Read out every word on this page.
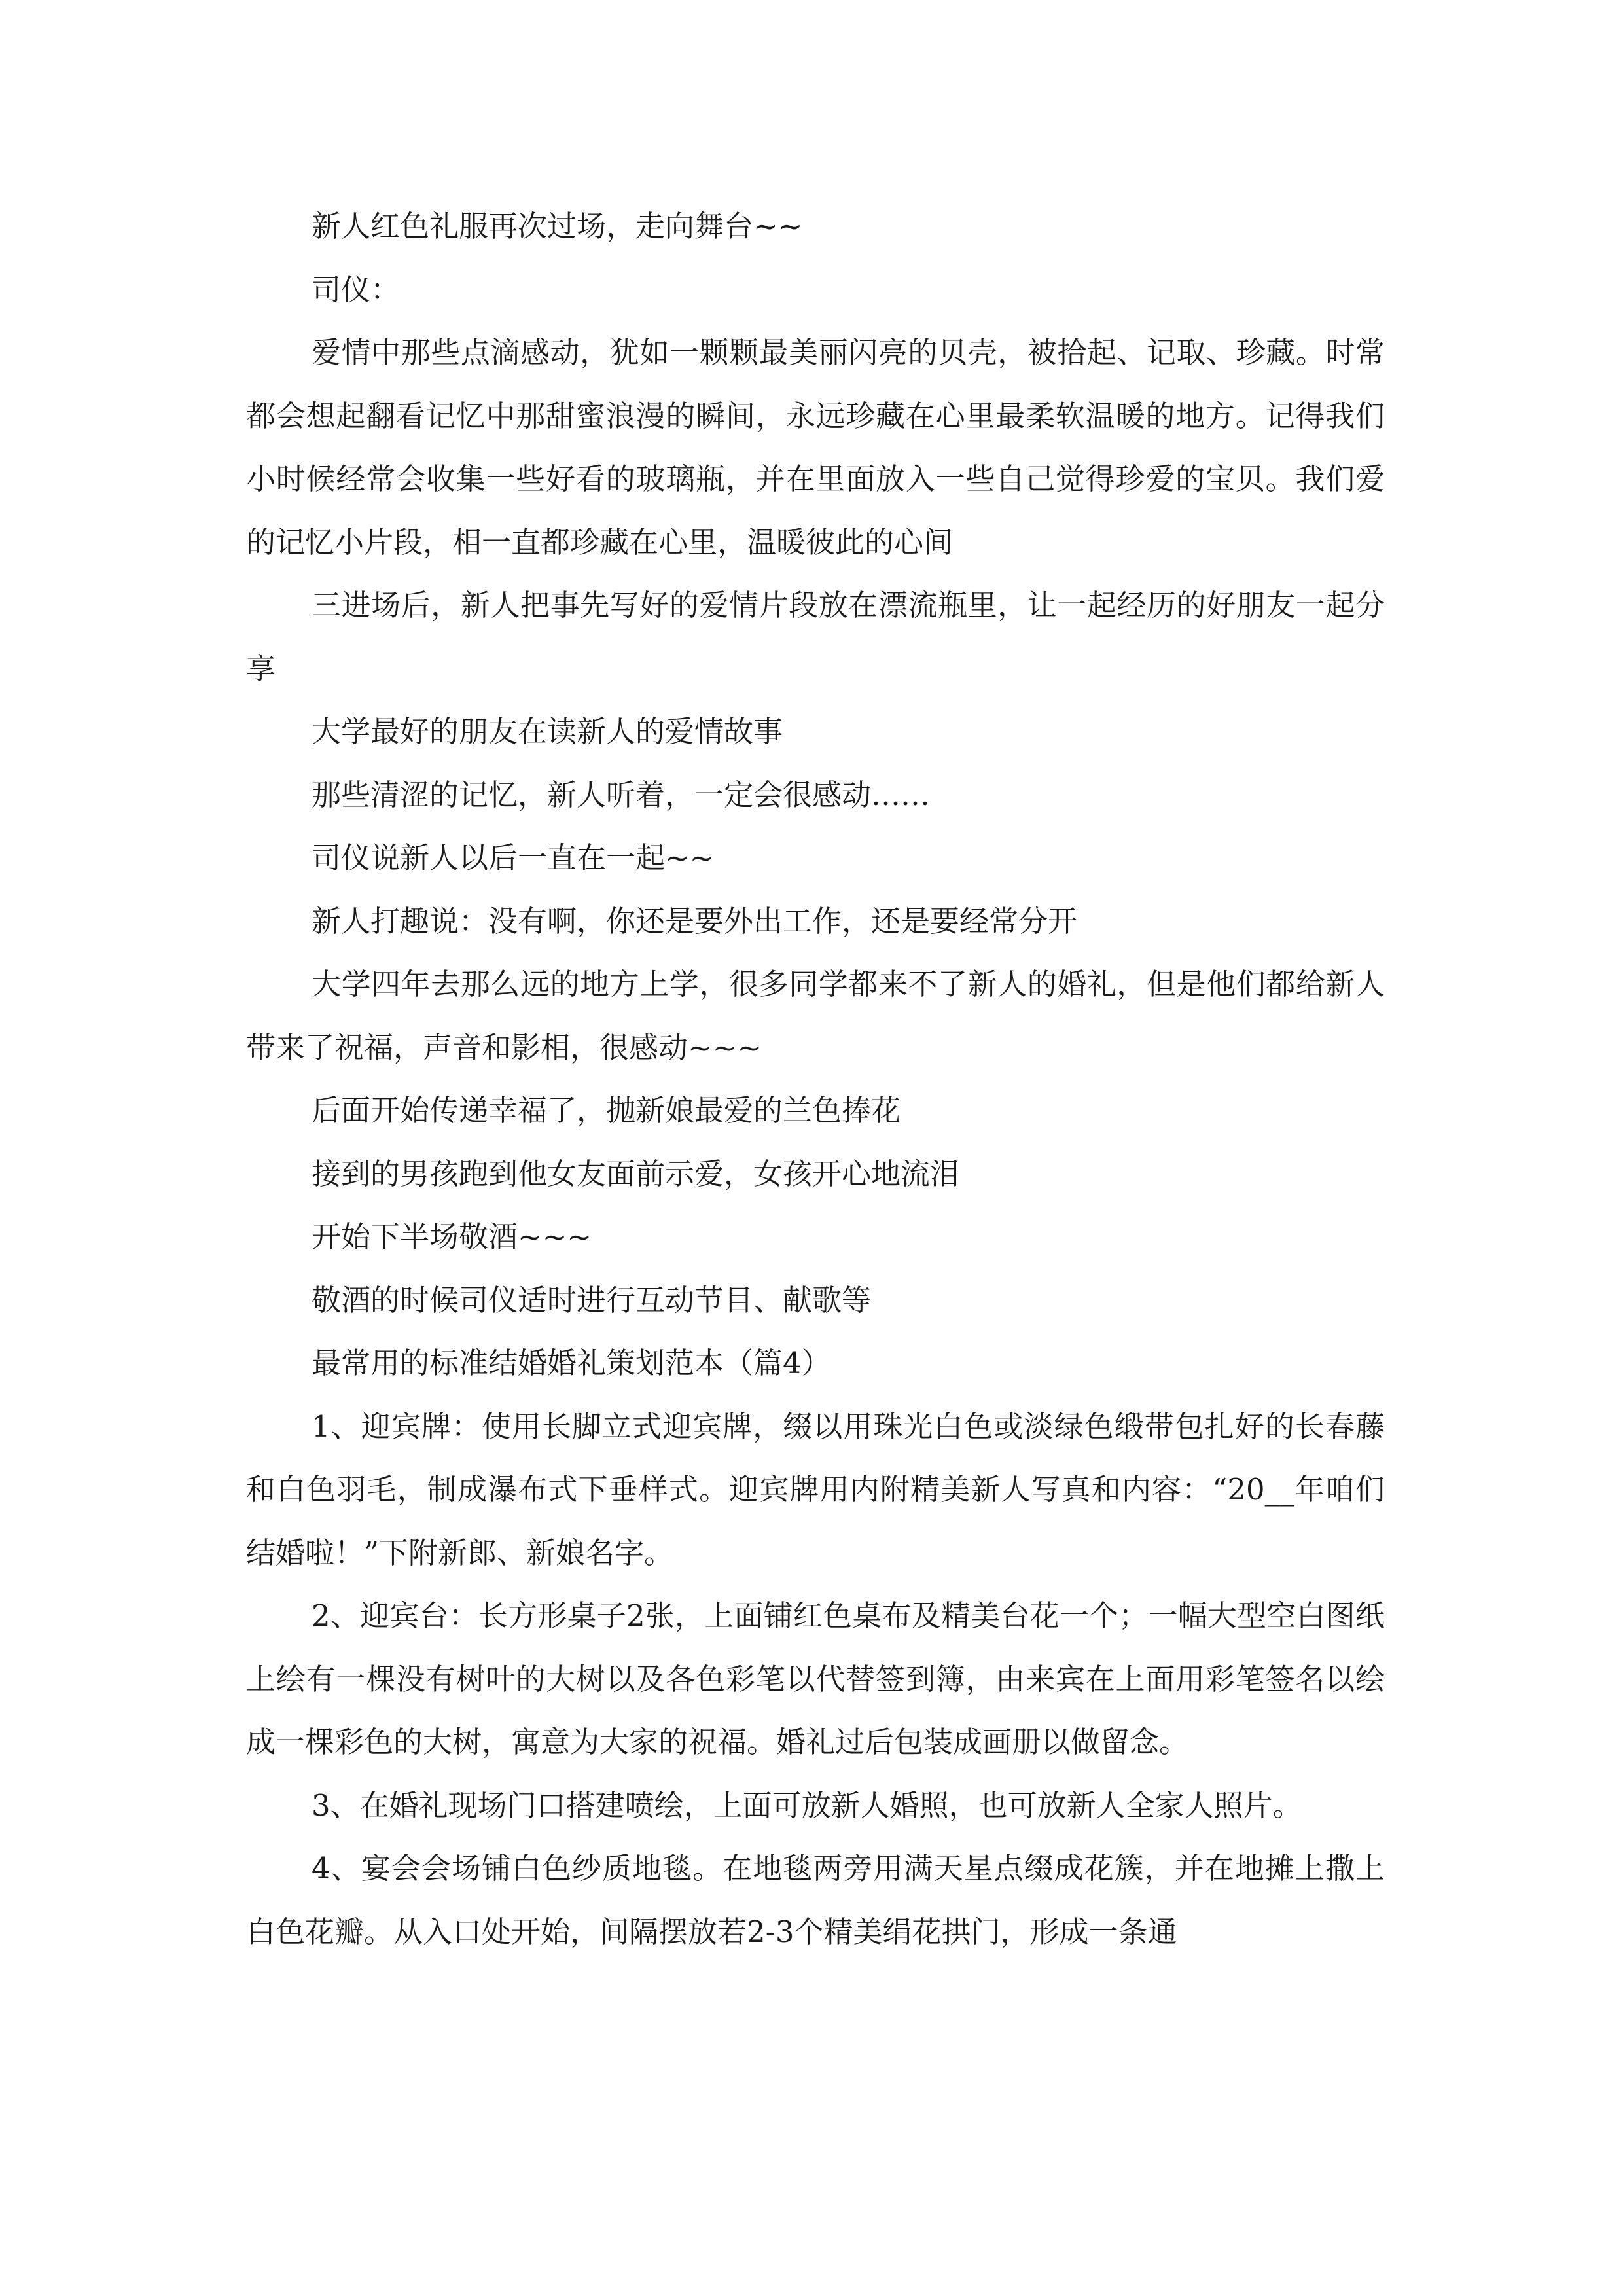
新人红色礼服再次过场，走向舞台~~

司仪：

爱情中那些点滴感动，犹如一颗颗最美丽闪亮的贝壳，被拾起、记取、珍藏。时常都会想起翻看记忆中那甜蜜浪漫的瞬间，永远珍藏在心里最柔软温暖的地方。记得我们小时候经常会收集一些好看的玻璃瓶，并在里面放入一些自己觉得珍爱的宝贝。我们爱的记忆小片段，相一直都珍藏在心里，温暖彼此的心间

三进场后，新人把事先写好的爱情片段放在漂流瓶里，让一起经历的好朋友一起分享

大学最好的朋友在读新人的爱情故事

那些清涩的记忆，新人听着，一定会很感动……

司仪说新人以后一直在一起~~

新人打趣说：没有啊，你还是要外出工作，还是要经常分开

大学四年去那么远的地方上学，很多同学都来不了新人的婚礼，但是他们都给新人带来了祝福，声音和影相，很感动~~~

后面开始传递幸福了，抛新娘最爱的兰色捧花

接到的男孩跑到他女友面前示爱，女孩开心地流泪

开始下半场敬酒~~~

敬酒的时候司仪适时进行互动节目、献歌等

最常用的标准结婚婚礼策划范本（篇4）

1、迎宾牌：使用长脚立式迎宾牌，缀以用珠光白色或淡绿色缎带包扎好的长春藤和白色羽毛，制成瀑布式下垂样式。迎宾牌用内附精美新人写真和内容：“20__年咱们结婚啦！”下附新郎、新娘名字。

2、迎宾台：长方形桌子2张，上面铺红色桌布及精美台花一个；一幅大型空白图纸上绘有一棵没有树叶的大树以及各色彩笔以代替签到簿，由来宾在上面用彩笔签名以绘成一棵彩色的大树，寓意为大家的祝福。婚礼过后包装成画册以做留念。

3、在婚礼现场门口搭建喷绘，上面可放新人婚照，也可放新人全家人照片。

4、宴会会场铺白色纱质地毯。在地毯两旁用满天星点缀成花簇，并在地摊上撒上白色花瓣。从入口处开始，间隔摆放若2-3个精美绢花拱门，形成一条通
